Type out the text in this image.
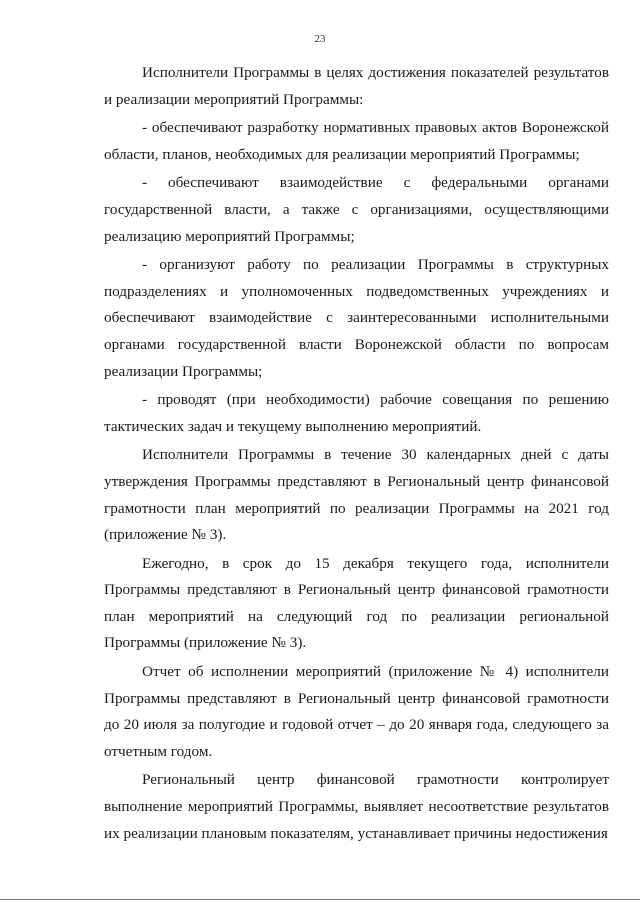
23

Исполнители Программы в целях достижения показателей результатов и реализации мероприятий Программы:

- обеспечивают разработку нормативных правовых актов Воронежской области, планов, необходимых для реализации мероприятий Программы;

- обеспечивают взаимодействие с федеральными органами государственной власти, а также с организациями, осуществляющими реализацию мероприятий Программы;

- организуют работу по реализации Программы в структурных подразделениях и уполномоченных подведомственных учреждениях и обеспечивают взаимодействие с заинтересованными исполнительными органами государственной власти Воронежской области по вопросам реализации Программы;

- проводят (при необходимости) рабочие совещания по решению тактических задач и текущему выполнению мероприятий.

Исполнители Программы в течение 30 календарных дней с даты утверждения Программы представляют в Региональный центр финансовой грамотности план мероприятий по реализации Программы на 2021 год (приложение № 3).

Ежегодно, в срок до 15 декабря текущего года, исполнители Программы представляют в Региональный центр финансовой грамотности план мероприятий на следующий год по реализации региональной Программы (приложение № 3).

Отчет об исполнении мероприятий (приложение № 4) исполнители Программы представляют в Региональный центр финансовой грамотности до 20 июля за полугодие и годовой отчет – до 20 января года, следующего за отчетным годом.

Региональный центр финансовой грамотности контролирует выполнение мероприятий Программы, выявляет несоответствие результатов их реализации плановым показателям, устанавливает причины недостижения
